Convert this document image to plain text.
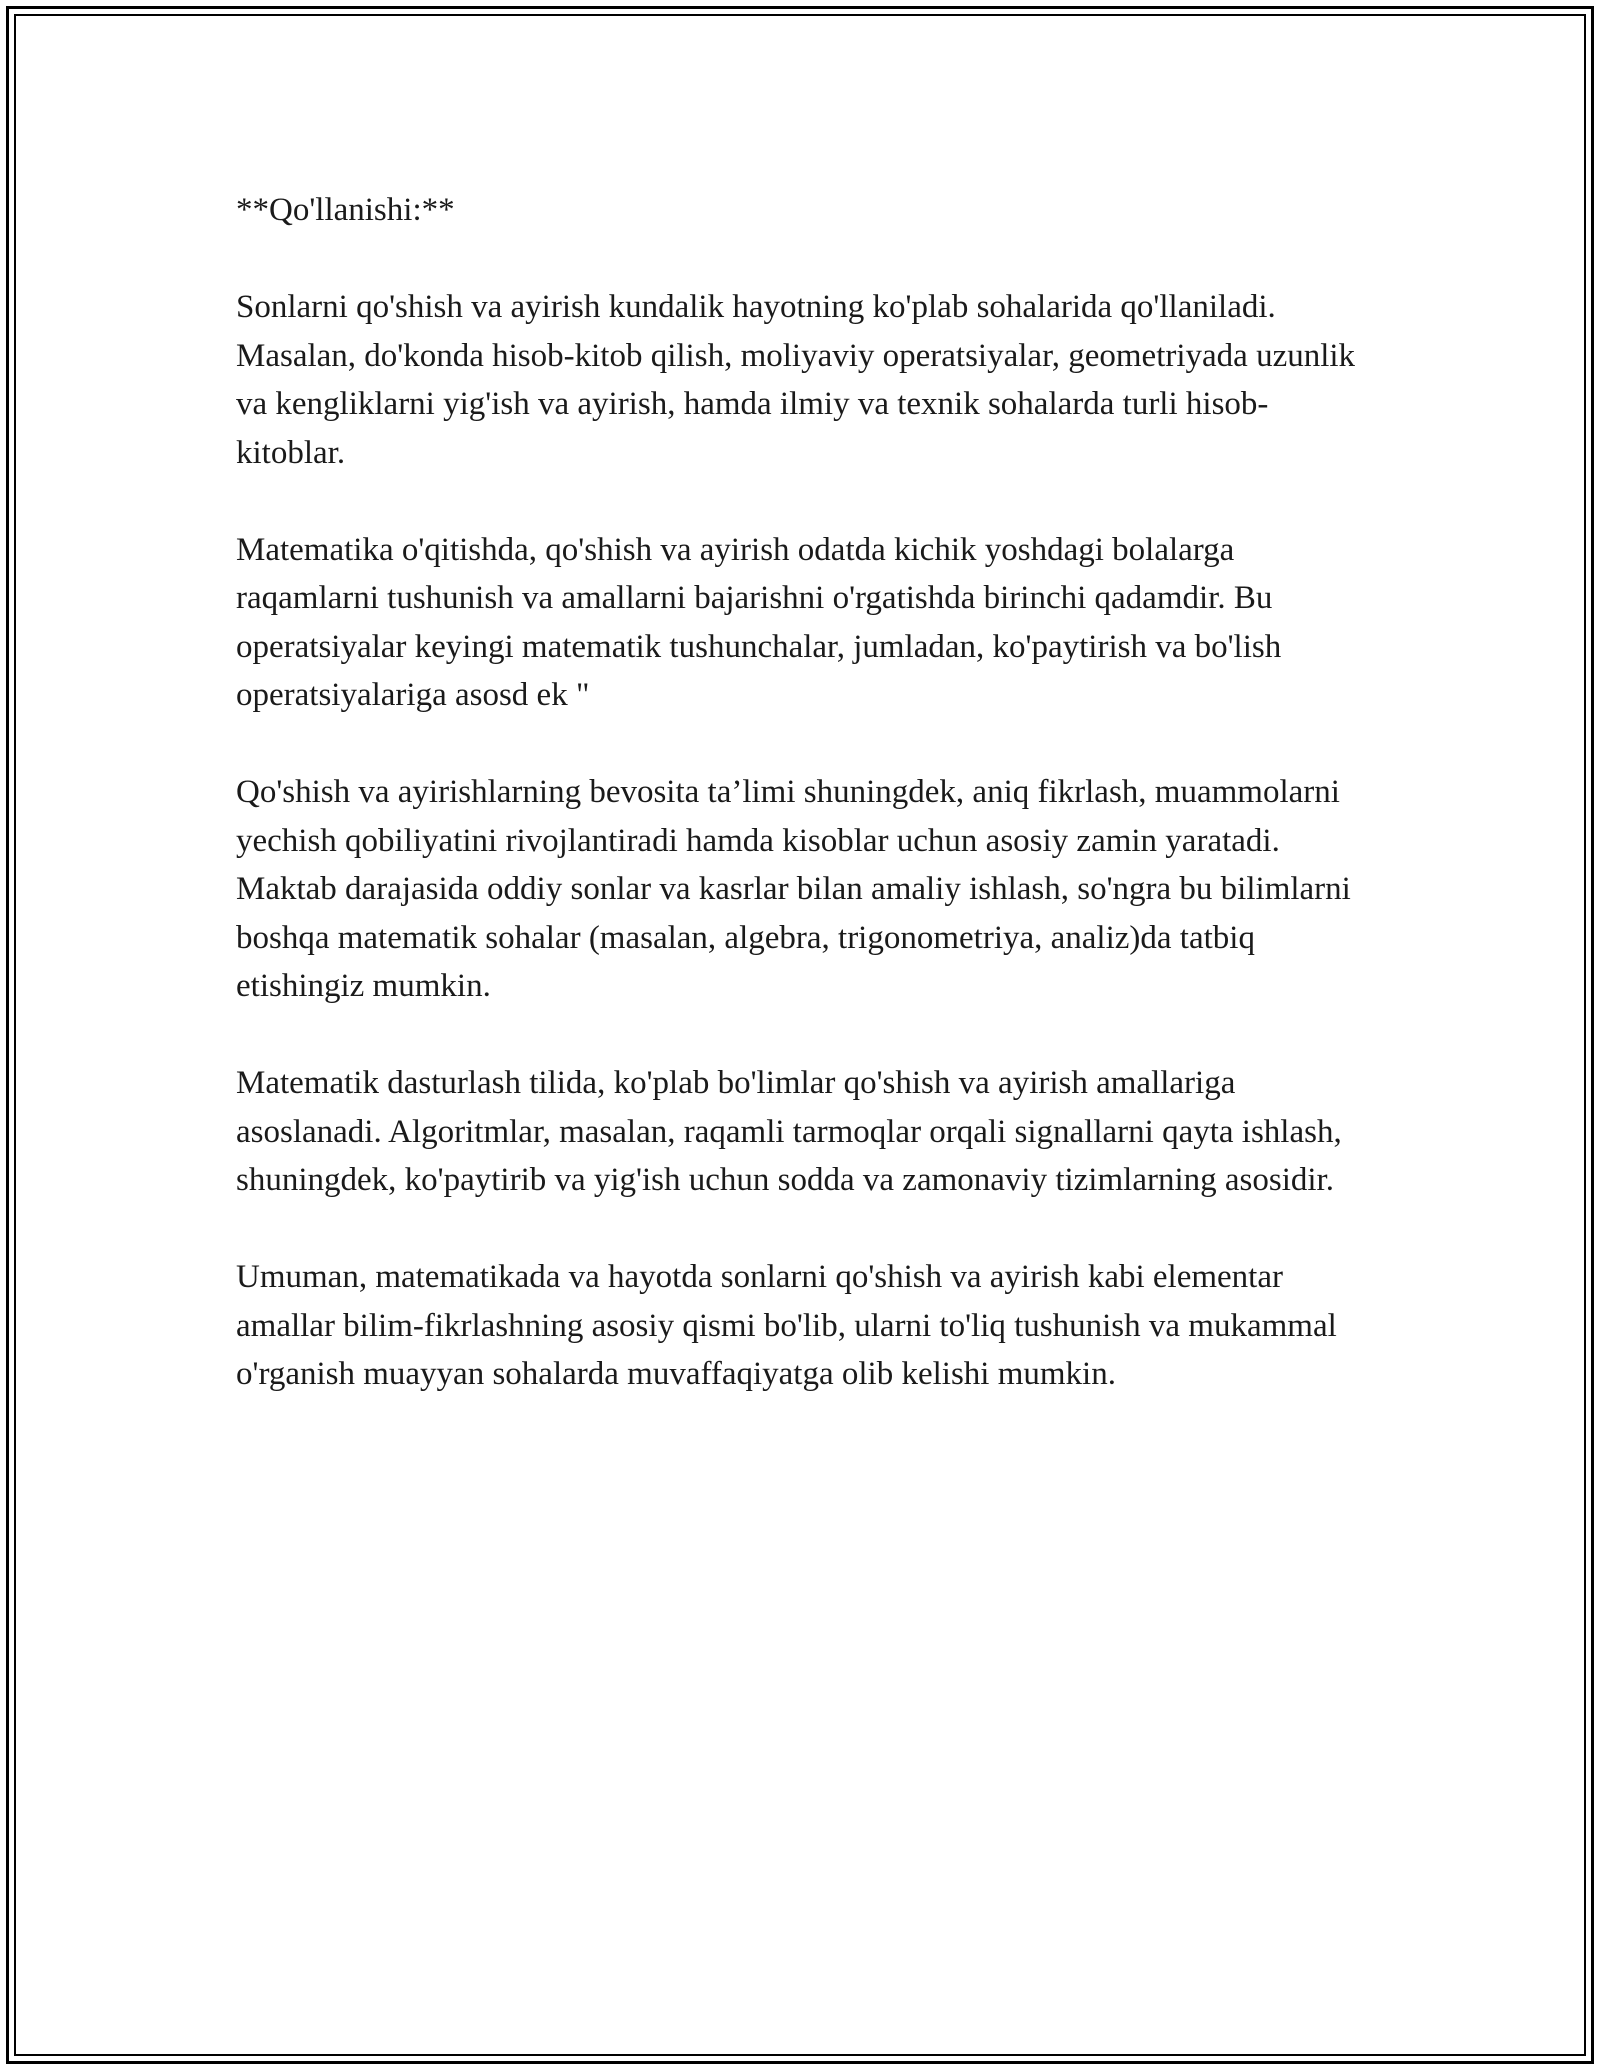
**Qo'llanishi:**

Sonlarni qo'shish va ayirish kundalik hayotning ko'plab sohalarida qo'llaniladi. Masalan, do'konda hisob-kitob qilish, moliyaviy operatsiyalar, geometriyada uzunlik va kengliklarni yig'ish va ayirish, hamda ilmiy va texnik sohalarda turli hisob-kitoblar.

Matematika o'qitishda, qo'shish va ayirish odatda kichik yoshdagi bolalarga raqamlarni tushunish va amallarni bajarishni o'rgatishda birinchi qadamdir. Bu operatsiyalar keyingi matematik tushunchalar, jumladan, ko'paytirish va bo'lish operatsiyalariga asosd ek "

Qo'shish va ayirishlarning bevosita ta’limi shuningdek, aniq fikrlash, muammolarni yechish qobiliyatini rivojlantiradi hamda kisoblar uchun asosiy zamin yaratadi. Maktab darajasida oddiy sonlar va kasrlar bilan amaliy ishlash, so'ngra bu bilimlarni boshqa matematik sohalar (masalan, algebra, trigonometriya, analiz)da tatbiq etishingiz mumkin.

Matematik dasturlash tilida, ko'plab bo'limlar qo'shish va ayirish amallariga asoslanadi. Algoritmlar, masalan, raqamli tarmoqlar orqali signallarni qayta ishlash, shuningdek, ko'paytirib va yig'ish uchun sodda va zamonaviy tizimlarning asosidir.

Umuman, matematikada va hayotda sonlarni qo'shish va ayirish kabi elementar amallar bilim-fikrlashning asosiy qismi bo'lib, ularni to'liq tushunish va mukammal o'rganish muayyan sohalarda muvaffaqiyatga olib kelishi mumkin.
